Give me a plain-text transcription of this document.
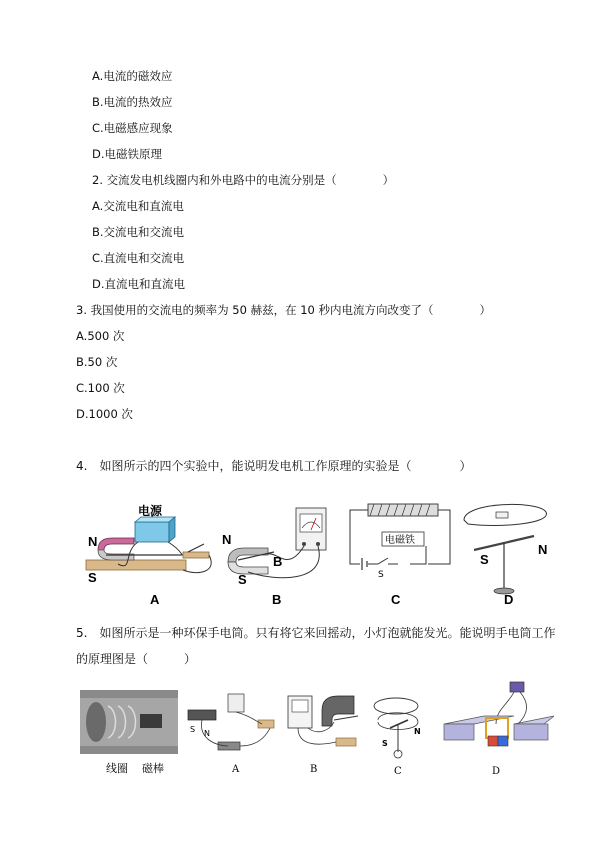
A.电流的磁效应
B.电流的热效应
C.电磁感应现象
D.电磁铁原理
2. 交流发电机线圈内和外电路中的电流分别是（　　　　）
A.交流电和直流电
B.交流电和交流电
C.直流电和交流电
D.直流电和直流电
3. 我国使用的交流电的频率为 50 赫兹，在 10 秒内电流方向改变了（　　　　）
A.500 次
B.50 次
C.100 次
D.1000 次
4.　如图所示的四个实验中，能说明发电机工作原理的实验是（　　　　）
电源
N
S
A
N
B
S
B
电磁铁
S
C
S
N
D
5.　如图所示是一种环保手电筒。只有将它来回摇动，小灯泡就能发光。能说明手电筒工作
的原理图是（　　　）
线圈 磁棒
S N
A	B
S
N
C	D
